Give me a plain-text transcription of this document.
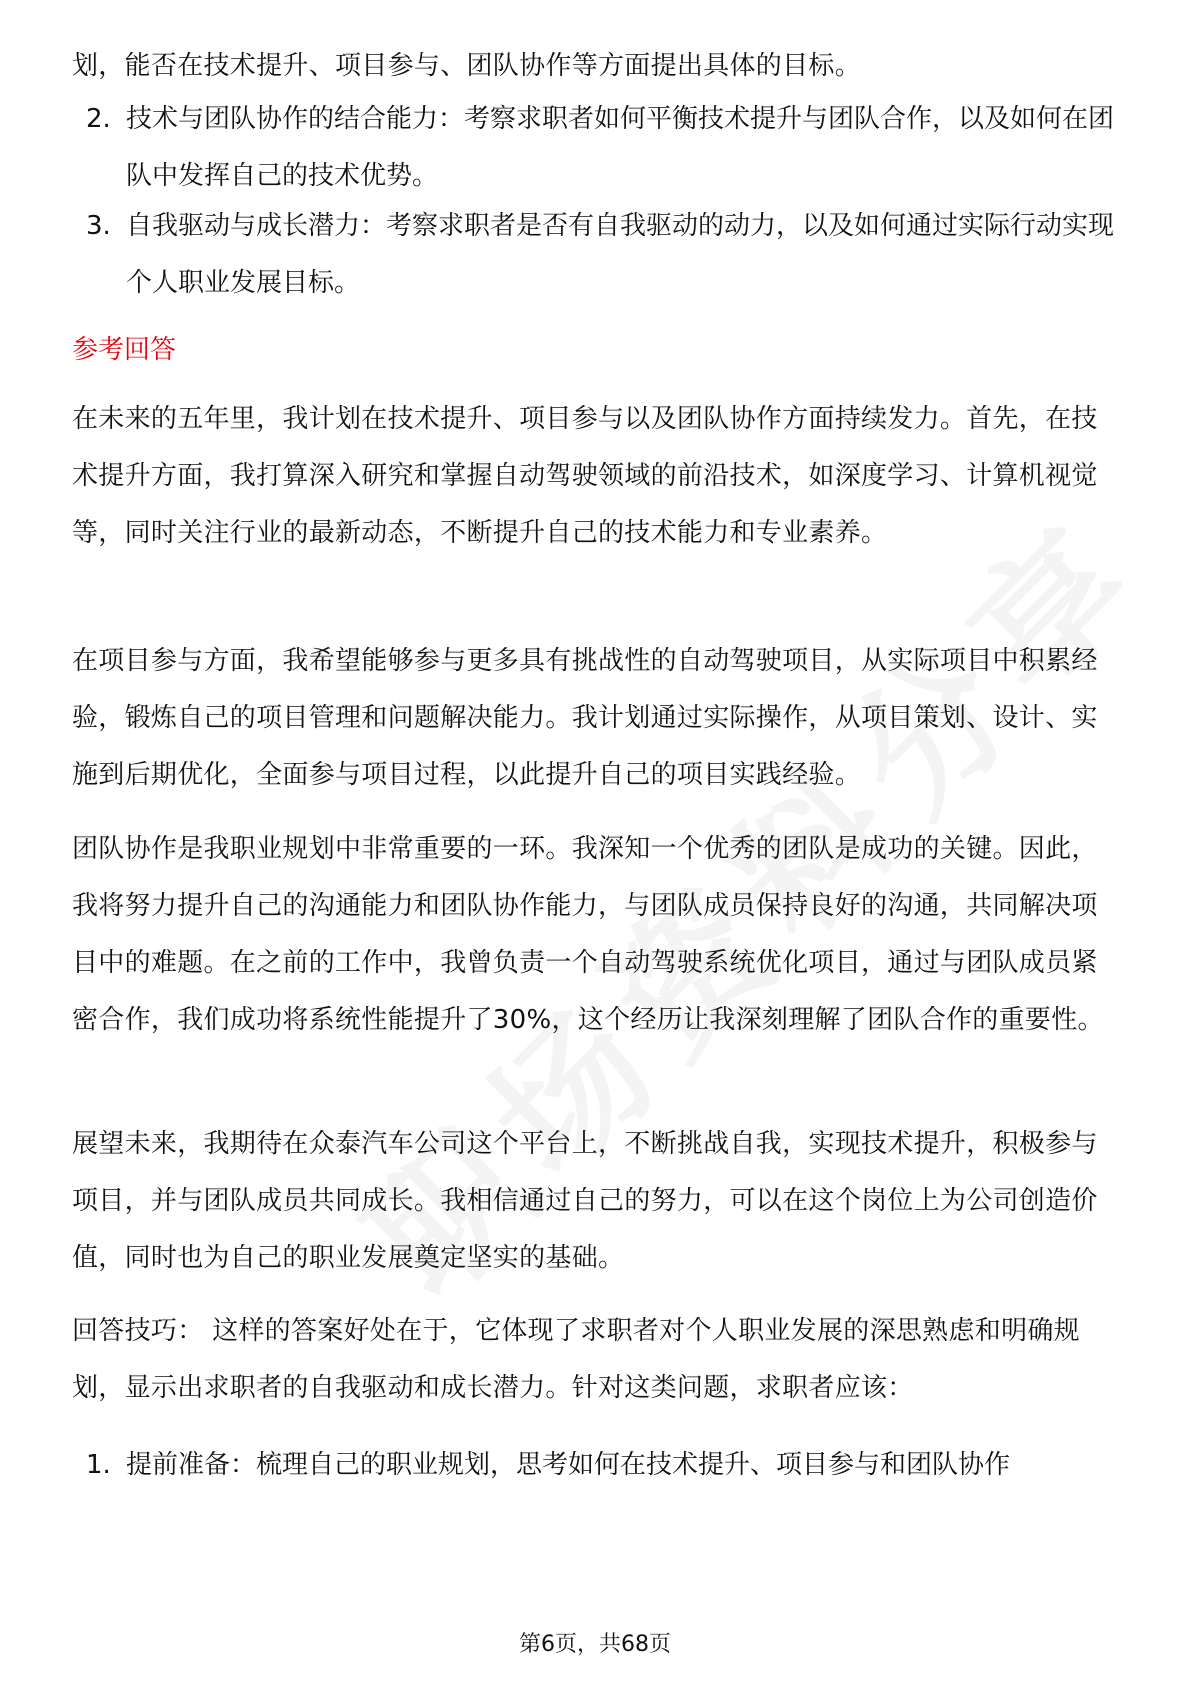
划，能否在技术提升、项目参与、团队协作等方面提出具体的目标。
2. 技术与团队协作的结合能力：考察求职者如何平衡技术提升与团队合作，以及如何在团队中发挥自己的技术优势。
3. 自我驱动与成长潜力：考察求职者是否有自我驱动的动力，以及如何通过实际行动实现个人职业发展目标。
参考回答
在未来的五年里，我计划在技术提升、项目参与以及团队协作方面持续发力。首先，在技术提升方面，我打算深入研究和掌握自动驾驶领域的前沿技术，如深度学习、计算机视觉等，同时关注行业的最新动态，不断提升自己的技术能力和专业素养。
在项目参与方面，我希望能够参与更多具有挑战性的自动驾驶项目，从实际项目中积累经验，锻炼自己的项目管理和问题解决能力。我计划通过实际操作，从项目策划、设计、实施到后期优化，全面参与项目过程，以此提升自己的项目实践经验。
团队协作是我职业规划中非常重要的一环。我深知一个优秀的团队是成功的关键。因此，我将努力提升自己的沟通能力和团队协作能力，与团队成员保持良好的沟通，共同解决项目中的难题。在之前的工作中，我曾负责一个自动驾驶系统优化项目，通过与团队成员紧密合作，我们成功将系统性能提升了30%，这个经历让我深刻理解了团队合作的重要性。
展望未来，我期待在众泰汽车公司这个平台上，不断挑战自我，实现技术提升，积极参与项目，并与团队成员共同成长。我相信通过自己的努力，可以在这个岗位上为公司创造价值，同时也为自己的职业发展奠定坚实的基础。
回答技巧： 这样的答案好处在于，它体现了求职者对个人职业发展的深思熟虑和明确规划，显示出求职者的自我驱动和成长潜力。针对这类问题，求职者应该：
1. 提前准备：梳理自己的职业规划，思考如何在技术提升、项目参与和团队协作
第6页，共68页
